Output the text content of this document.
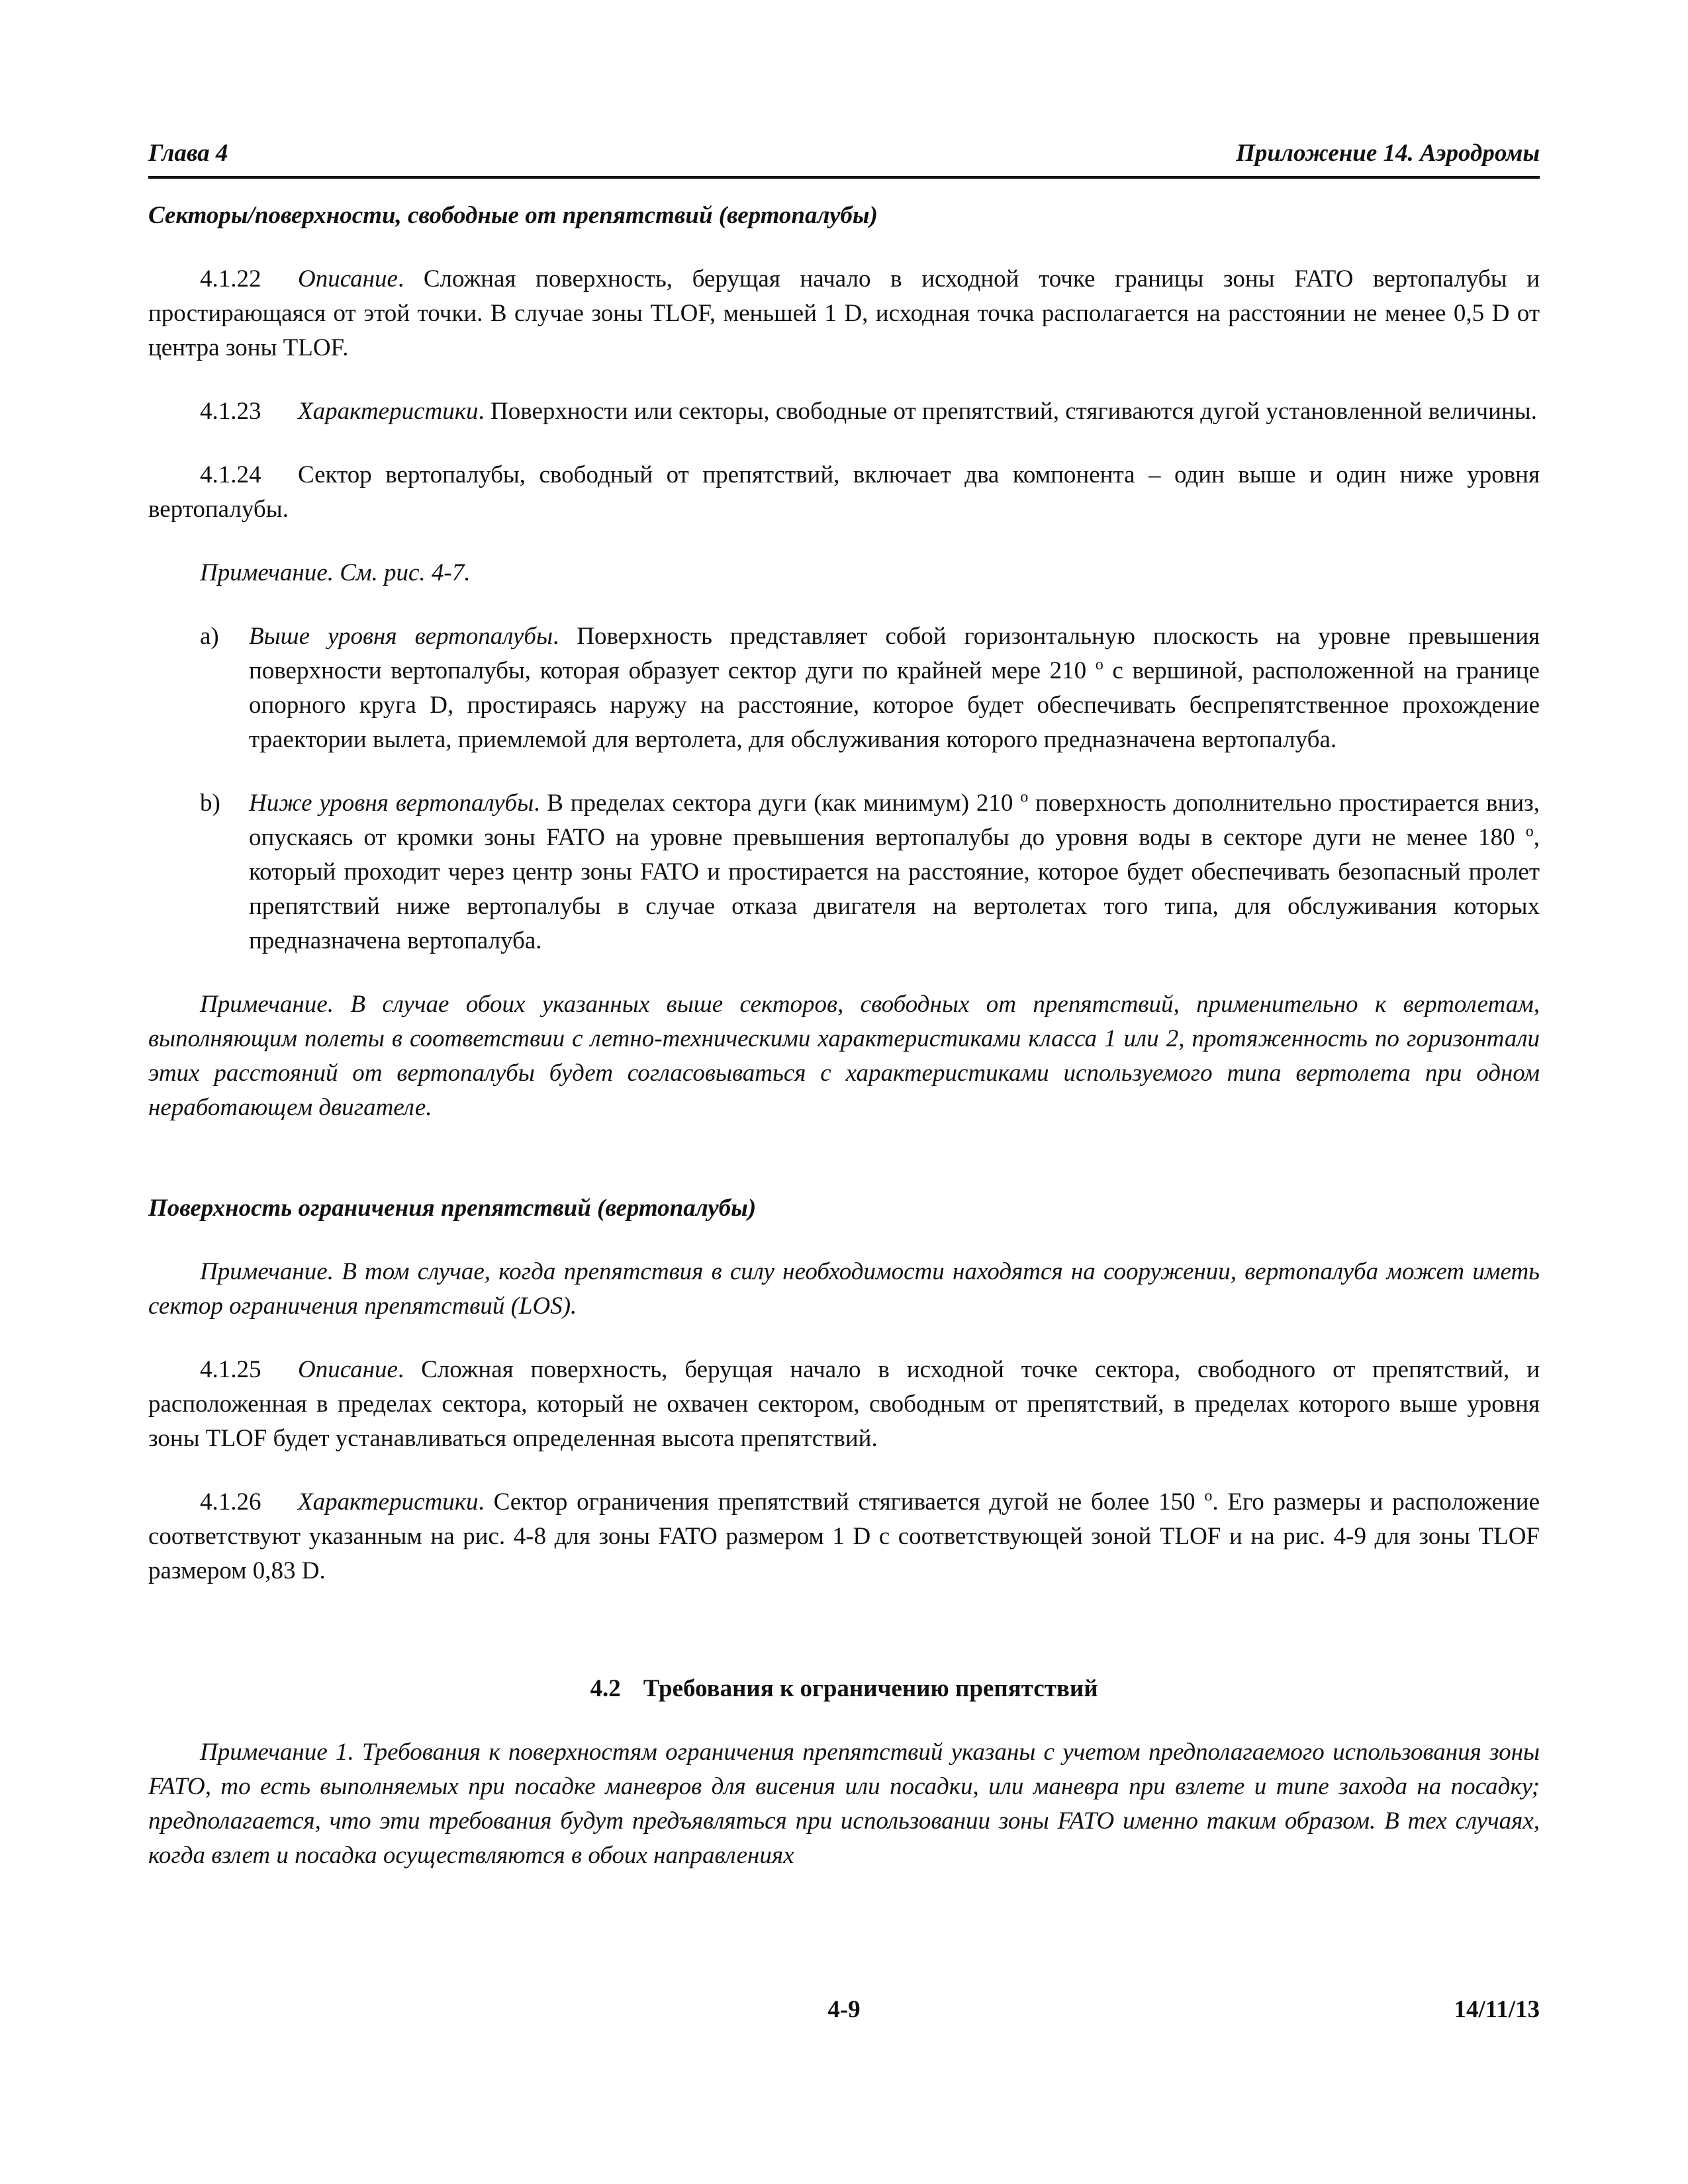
Глава 4	Приложение 14. Аэродромы

Секторы/поверхности, свободные от препятствий (вертопалубы)

4.1.22 Описание. Сложная поверхность, берущая начало в исходной точке границы зоны FATO вертопалубы и простирающаяся от этой точки. В случае зоны TLOF, меньшей 1 D, исходная точка располагается на расстоянии не менее 0,5 D от центра зоны TLOF.

4.1.23 Характеристики. Поверхности или секторы, свободные от препятствий, стягиваются дугой установленной величины.

4.1.24 Сектор вертопалубы, свободный от препятствий, включает два компонента – один выше и один ниже уровня вертопалубы.

Примечание. См. рис. 4-7.

a) Выше уровня вертопалубы. Поверхность представляет собой горизонтальную плоскость на уровне превышения поверхности вертопалубы, которая образует сектор дуги по крайней мере 210 $^о$ с вершиной, расположенной на границе опорного круга D, простираясь наружу на расстояние, которое будет обеспечивать беспрепятственное прохождение траектории вылета, приемлемой для вертолета, для обслуживания которого предназначена вертопалуба.

b) Ниже уровня вертопалубы. В пределах сектора дуги (как минимум) 210 $^о$ поверхность дополнительно простирается вниз, опускаясь от кромки зоны FATO на уровне превышения вертопалубы до уровня воды в секторе дуги не менее 180 $^о$, который проходит через центр зоны FATO и простирается на расстояние, которое будет обеспечивать безопасный пролет препятствий ниже вертопалубы в случае отказа двигателя на вертолетах того типа, для обслуживания которых предназначена вертопалуба.

Примечание. В случае обоих указанных выше секторов, свободных от препятствий, применительно к вертолетам, выполняющим полеты в соответствии с летно-техническими характеристиками класса 1 или 2, протяженность по горизонтали этих расстояний от вертопалубы будет согласовываться с характеристиками используемого типа вертолета при одном неработающем двигателе.

Поверхность ограничения препятствий (вертопалубы)

Примечание. В том случае, когда препятствия в силу необходимости находятся на сооружении, вертопалуба может иметь сектор ограничения препятствий (LOS).

4.1.25 Описание. Сложная поверхность, берущая начало в исходной точке сектора, свободного от препятствий, и расположенная в пределах сектора, который не охвачен сектором, свободным от препятствий, в пределах которого выше уровня зоны TLOF будет устанавливаться определенная высота препятствий.

4.1.26 Характеристики. Сектор ограничения препятствий стягивается дугой не более 150 $^о$. Его размеры и расположение соответствуют указанным на рис. 4-8 для зоны FATO размером 1 D с соответствующей зоной TLOF и на рис. 4-9 для зоны TLOF размером 0,83 D.

4.2 Требования к ограничению препятствий

Примечание 1. Требования к поверхностям ограничения препятствий указаны с учетом предполагаемого использования зоны FATO, то есть выполняемых при посадке маневров для висения или посадки, или маневра при взлете и типе захода на посадку; предполагается, что эти требования будут предъявляться при использовании зоны FATO именно таким образом. В тех случаях, когда взлет и посадка осуществляются в обоих направлениях

4-9	14/11/13
